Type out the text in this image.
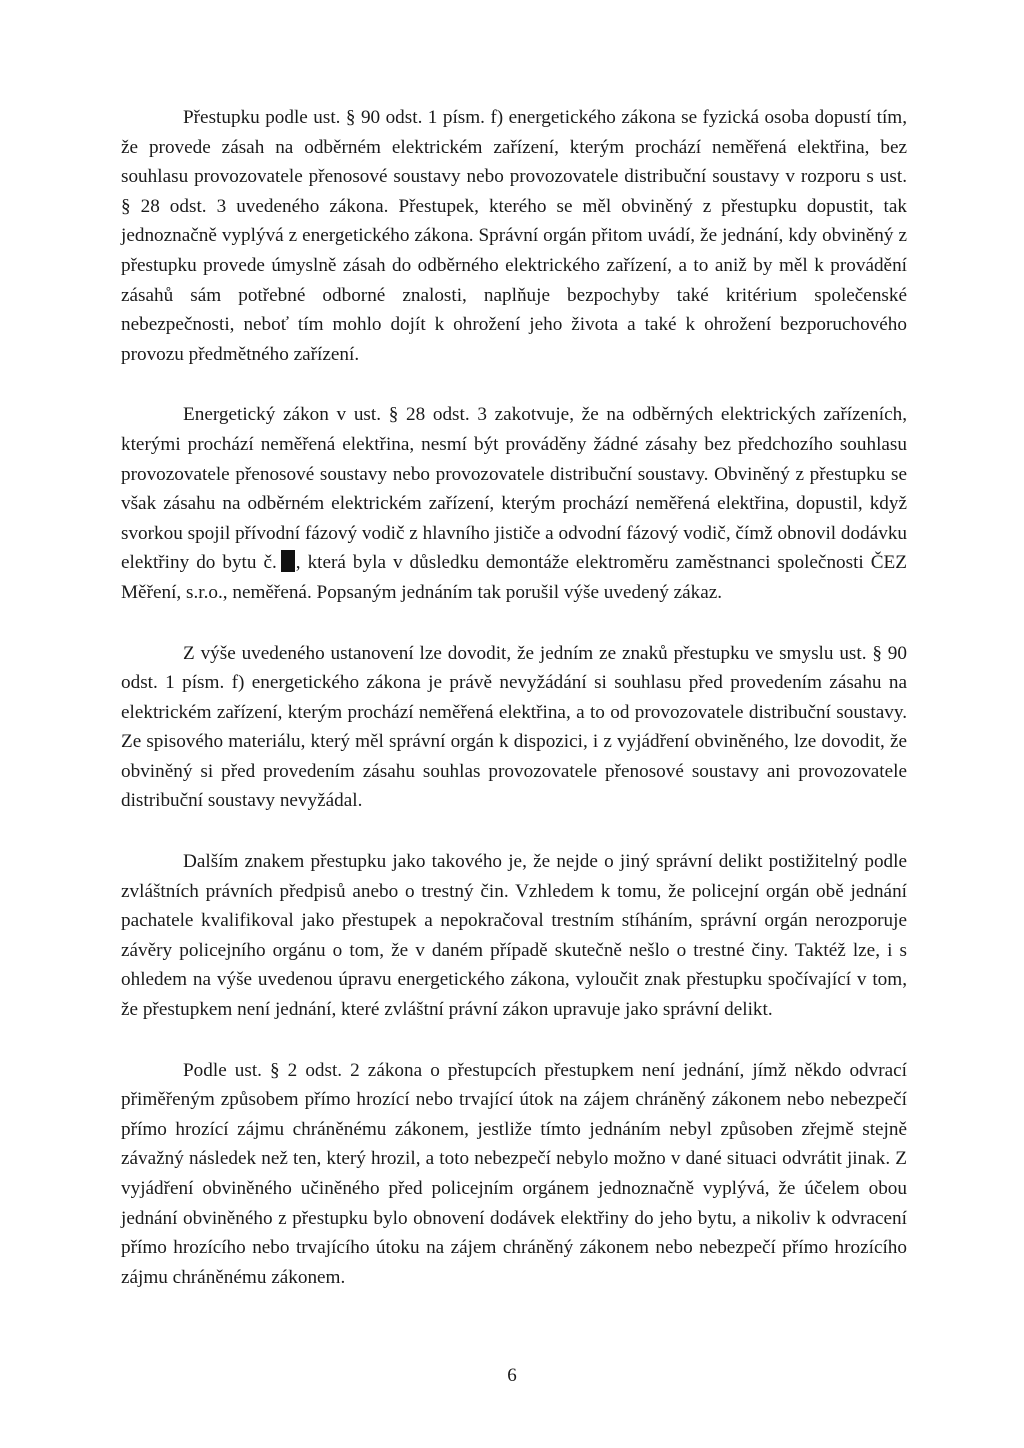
Přestupku podle ust. § 90 odst. 1 písm. f) energetického zákona se fyzická osoba dopustí tím, že provede zásah na odběrném elektrickém zařízení, kterým prochází neměřená elektřina, bez souhlasu provozovatele přenosové soustavy nebo provozovatele distribuční soustavy v rozporu s ust. § 28 odst. 3 uvedeného zákona. Přestupek, kterého se měl obviněný z přestupku dopustit, tak jednoznačně vyplývá z energetického zákona. Správní orgán přitom uvádí, že jednání, kdy obviněný z přestupku provede úmyslně zásah do odběrného elektrického zařízení, a to aniž by měl k provádění zásahů sám potřebné odborné znalosti, naplňuje bezpochyby také kritérium společenské nebezpečnosti, neboť tím mohlo dojít k ohrožení jeho života a také k ohrožení bezporuchového provozu předmětného zařízení.

Energetický zákon v ust. § 28 odst. 3 zakotvuje, že na odběrných elektrických zařízeních, kterými prochází neměřená elektřina, nesmí být prováděny žádné zásahy bez předchozího souhlasu provozovatele přenosové soustavy nebo provozovatele distribuční soustavy. Obviněný z přestupku se však zásahu na odběrném elektrickém zařízení, kterým prochází neměřená elektřina, dopustil, když svorkou spojil přívodní fázový vodič z hlavního jističe a odvodní fázový vodič, čímž obnovil dodávku elektřiny do bytu č. , která byla v důsledku demontáže elektroměru zaměstnanci společnosti ČEZ Měření, s.r.o., neměřená. Popsaným jednáním tak porušil výše uvedený zákaz.

Z výše uvedeného ustanovení lze dovodit, že jedním ze znaků přestupku ve smyslu ust. § 90 odst. 1 písm. f) energetického zákona je právě nevyžádání si souhlasu před provedením zásahu na elektrickém zařízení, kterým prochází neměřená elektřina, a to od provozovatele distribuční soustavy. Ze spisového materiálu, který měl správní orgán k dispozici, i z vyjádření obviněného, lze dovodit, že obviněný si před provedením zásahu souhlas provozovatele přenosové soustavy ani provozovatele distribuční soustavy nevyžádal.

Dalším znakem přestupku jako takového je, že nejde o jiný správní delikt postižitelný podle zvláštních právních předpisů anebo o trestný čin. Vzhledem k tomu, že policejní orgán obě jednání pachatele kvalifikoval jako přestupek a nepokračoval trestním stíháním, správní orgán nerozporuje závěry policejního orgánu o tom, že v daném případě skutečně nešlo o trestné činy. Taktéž lze, i s ohledem na výše uvedenou úpravu energetického zákona, vyloučit znak přestupku spočívající v tom, že přestupkem není jednání, které zvláštní právní zákon upravuje jako správní delikt.

Podle ust. § 2 odst. 2 zákona o přestupcích přestupkem není jednání, jímž někdo odvrací přiměřeným způsobem přímo hrozící nebo trvající útok na zájem chráněný zákonem nebo nebezpečí přímo hrozící zájmu chráněnému zákonem, jestliže tímto jednáním nebyl způsoben zřejmě stejně závažný následek než ten, který hrozil, a toto nebezpečí nebylo možno v dané situaci odvrátit jinak. Z vyjádření obviněného učiněného před policejním orgánem jednoznačně vyplývá, že účelem obou jednání obviněného z přestupku bylo obnovení dodávek elektřiny do jeho bytu, a nikoliv k odvracení přímo hrozícího nebo trvajícího útoku na zájem chráněný zákonem nebo nebezpečí přímo hrozícího zájmu chráněnému zákonem.

6
